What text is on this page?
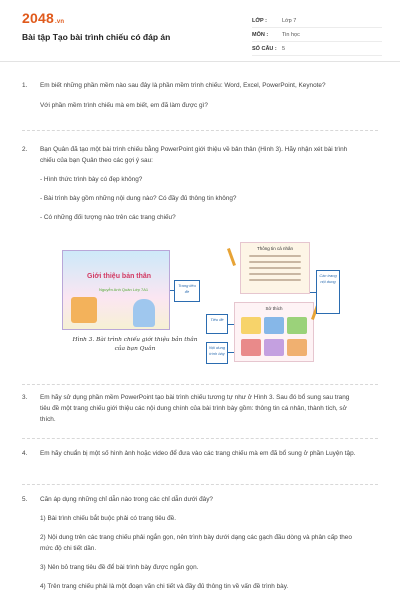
2048.vn
Bài tập Tạo bài trình chiếu có đáp án
LỚP :	Lớp 7
MÔN :	Tin học
SỐ CÂU : 5
1. Em biết những phần mềm nào sau đây là phần mềm trình chiếu: Word, Excel, PowerPoint, Keynote?
Với phần mềm trình chiếu mà em biết, em đã làm được gì?
2. Bạn Quân đã tạo một bài trình chiếu bằng PowerPoint giới thiệu về bản thân (Hình 3). Hãy nhận xét bài trình chiếu của bạn Quân theo các gợi ý sau:
- Hình thức trình bày có đẹp không?
- Bài trình bày gồm những nội dung nào? Có đầy đủ thông tin không?
- Có những đối tượng nào trên các trang chiếu?
Giới thiệu bản thân
Nguyễn Anh Quân Lớp 7A1
Hình 3. Bài trình chiếu giới thiệu bản thân của bạn Quân
Trang tiêu đề
Tiêu đề
Nội dung trình bày
Thông tin cá nhân
Sở thích
Các trang nội dung
3. Em hãy sử dụng phần mềm PowerPoint tạo bài trình chiếu tương tự như ở Hình 3. Sau đó bổ sung sau trang tiêu đề một trang chiếu giới thiệu các nội dung chính của bài trình bày gồm: thông tin cá nhân, thành tích, sở thích.
4. Em hãy chuẩn bị một số hình ảnh hoặc video để đưa vào các trang chiếu mà em đã bổ sung ở phần Luyện tập.
5. Căn áp dụng những chỉ dẫn nào trong các chỉ dẫn dưới đây?
1) Bài trình chiếu bắt buộc phải có trang tiêu đề.
2) Nội dung trên các trang chiếu phải ngắn gọn, nên trình bày dưới dạng các gạch đầu dòng và phân cấp theo mức độ chi tiết dần.
3) Nên bỏ trang tiêu đề để bài trình bày được ngắn gọn.
4) Trên trang chiếu phải là một đoạn văn chi tiết và đầy đủ thông tin về vấn đề trình bày.
